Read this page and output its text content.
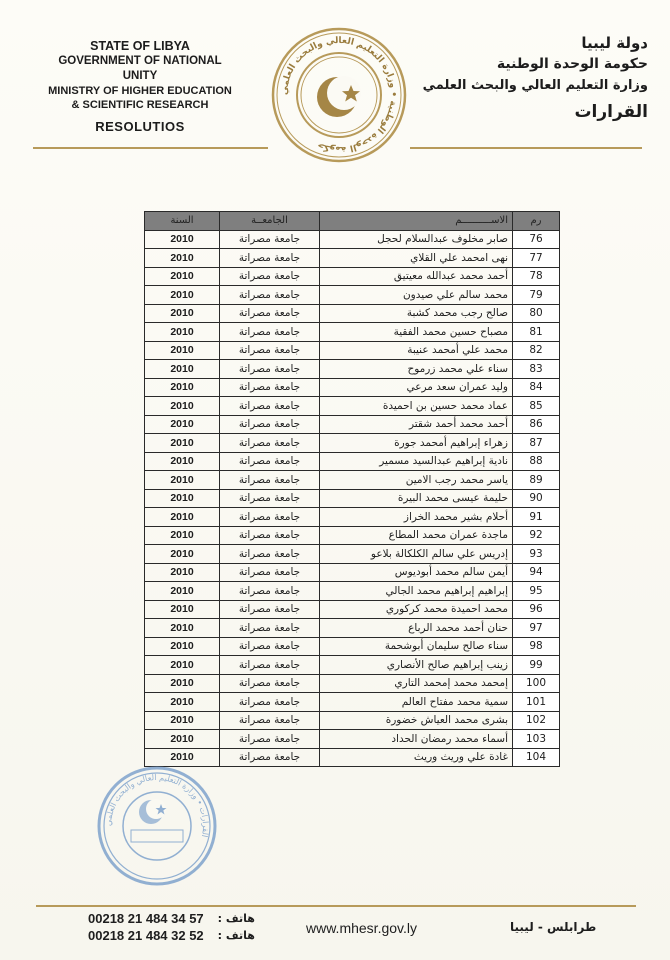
STATE OF LIBYA
GOVERNMENT OF NATIONAL UNITY
MINISTRY OF HIGHER EDUCATION
& SCIENTIFIC RESEARCH
RESOLUTIOS
حكومة الوحدة الوطنية • وزارة التعليم العالي والبحث العلمي
دولة ليبيا
حكومة الوحدة الوطنية
وزارة التعليم العالي والبحث العلمي
القرارات
السنة	الجامعــة	الاســــــــــم	رم
2010	جامعة مصراتة	صابر مخلوف عبدالسلام لحجل	76
2010	جامعة مصراتة	نهى امحمد علي القلاي	77
2010	جامعة مصراتة	أحمد محمد عبدالله معيتيق	78
2010	جامعة مصراتة	محمد سالم علي صيدون	79
2010	جامعة مصراتة	صالح رجب محمد كشبة	80
2010	جامعة مصراتة	مصباح حسين محمد الفقية	81
2010	جامعة مصراتة	محمد علي أمحمد عنيبة	82
2010	جامعة مصراتة	سناء علي محمد زرموح	83
2010	جامعة مصراتة	وليد عمران سعد مرعي	84
2010	جامعة مصراتة	عماد محمد حسين بن احميدة	85
2010	جامعة مصراتة	أحمد محمد أحمد شقتر	86
2010	جامعة مصراتة	زهراء إبراهيم أمحمد جورة	87
2010	جامعة مصراتة	نادية إبراهيم عبدالسيد مسمير	88
2010	جامعة مصراتة	ياسر محمد رجب الامين	89
2010	جامعة مصراتة	حليمة عيسى محمد البيرة	90
2010	جامعة مصراتة	أحلام بشير محمد الخراز	91
2010	جامعة مصراتة	ماجدة عمران محمد المطاع	92
2010	جامعة مصراتة	إدريس علي سالم الكلكالة بلاعو	93
2010	جامعة مصراتة	أيمن سالم محمد أبوديوس	94
2010	جامعة مصراتة	إبراهيم إبراهيم محمد الجالي	95
2010	جامعة مصراتة	محمد احميدة محمد كركوري	96
2010	جامعة مصراتة	حنان أحمد محمد الرباع	97
2010	جامعة مصراتة	سناء صالح سليمان أبوشحمة	98
2010	جامعة مصراتة	زينب إبراهيم صالح الأنصاري	99
2010	جامعة مصراتة	إمحمد محمد إمحمد التاري	100
2010	جامعة مصراتة	سمية محمد مفتاح العالم	101
2010	جامعة مصراتة	بشرى محمد العياش خضورة	102
2010	جامعة مصراتة	أسماء محمد رمضان الحداد	103
2010	جامعة مصراتة	غادة علي وريث وريث	104
القرارات • وزارة التعليم العالي والبحث العلمي
00218 21 484 34 57 هاتف :
00218 21 484 32 52 هاتف :	www.mhesr.gov.ly	طرابلس - ليبيا
